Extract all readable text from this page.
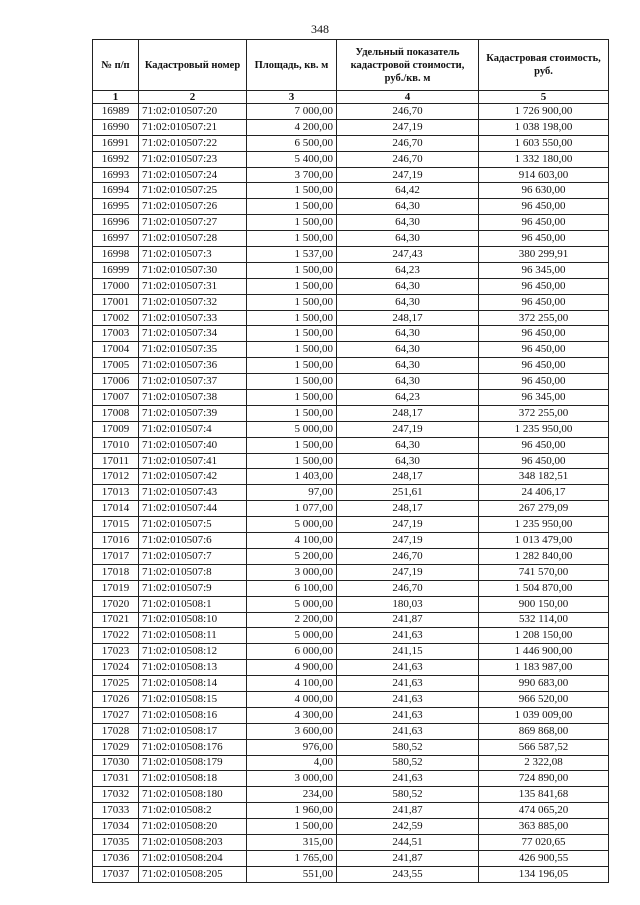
348
№ п/п	Кадастровый номер	Площадь, кв. м	Удельный показатель кадастровой стоимости, руб./кв. м	Кадастровая стоимость, руб.
1	2	3	4	5
16989	71:02:010507:20	7 000,00	246,70	1 726 900,00
16990	71:02:010507:21	4 200,00	247,19	1 038 198,00
16991	71:02:010507:22	6 500,00	246,70	1 603 550,00
16992	71:02:010507:23	5 400,00	246,70	1 332 180,00
16993	71:02:010507:24	3 700,00	247,19	914 603,00
16994	71:02:010507:25	1 500,00	64,42	96 630,00
16995	71:02:010507:26	1 500,00	64,30	96 450,00
16996	71:02:010507:27	1 500,00	64,30	96 450,00
16997	71:02:010507:28	1 500,00	64,30	96 450,00
16998	71:02:010507:3	1 537,00	247,43	380 299,91
16999	71:02:010507:30	1 500,00	64,23	96 345,00
17000	71:02:010507:31	1 500,00	64,30	96 450,00
17001	71:02:010507:32	1 500,00	64,30	96 450,00
17002	71:02:010507:33	1 500,00	248,17	372 255,00
17003	71:02:010507:34	1 500,00	64,30	96 450,00
17004	71:02:010507:35	1 500,00	64,30	96 450,00
17005	71:02:010507:36	1 500,00	64,30	96 450,00
17006	71:02:010507:37	1 500,00	64,30	96 450,00
17007	71:02:010507:38	1 500,00	64,23	96 345,00
17008	71:02:010507:39	1 500,00	248,17	372 255,00
17009	71:02:010507:4	5 000,00	247,19	1 235 950,00
17010	71:02:010507:40	1 500,00	64,30	96 450,00
17011	71:02:010507:41	1 500,00	64,30	96 450,00
17012	71:02:010507:42	1 403,00	248,17	348 182,51
17013	71:02:010507:43	97,00	251,61	24 406,17
17014	71:02:010507:44	1 077,00	248,17	267 279,09
17015	71:02:010507:5	5 000,00	247,19	1 235 950,00
17016	71:02:010507:6	4 100,00	247,19	1 013 479,00
17017	71:02:010507:7	5 200,00	246,70	1 282 840,00
17018	71:02:010507:8	3 000,00	247,19	741 570,00
17019	71:02:010507:9	6 100,00	246,70	1 504 870,00
17020	71:02:010508:1	5 000,00	180,03	900 150,00
17021	71:02:010508:10	2 200,00	241,87	532 114,00
17022	71:02:010508:11	5 000,00	241,63	1 208 150,00
17023	71:02:010508:12	6 000,00	241,15	1 446 900,00
17024	71:02:010508:13	4 900,00	241,63	1 183 987,00
17025	71:02:010508:14	4 100,00	241,63	990 683,00
17026	71:02:010508:15	4 000,00	241,63	966 520,00
17027	71:02:010508:16	4 300,00	241,63	1 039 009,00
17028	71:02:010508:17	3 600,00	241,63	869 868,00
17029	71:02:010508:176	976,00	580,52	566 587,52
17030	71:02:010508:179	4,00	580,52	2 322,08
17031	71:02:010508:18	3 000,00	241,63	724 890,00
17032	71:02:010508:180	234,00	580,52	135 841,68
17033	71:02:010508:2	1 960,00	241,87	474 065,20
17034	71:02:010508:20	1 500,00	242,59	363 885,00
17035	71:02:010508:203	315,00	244,51	77 020,65
17036	71:02:010508:204	1 765,00	241,87	426 900,55
17037	71:02:010508:205	551,00	243,55	134 196,05
